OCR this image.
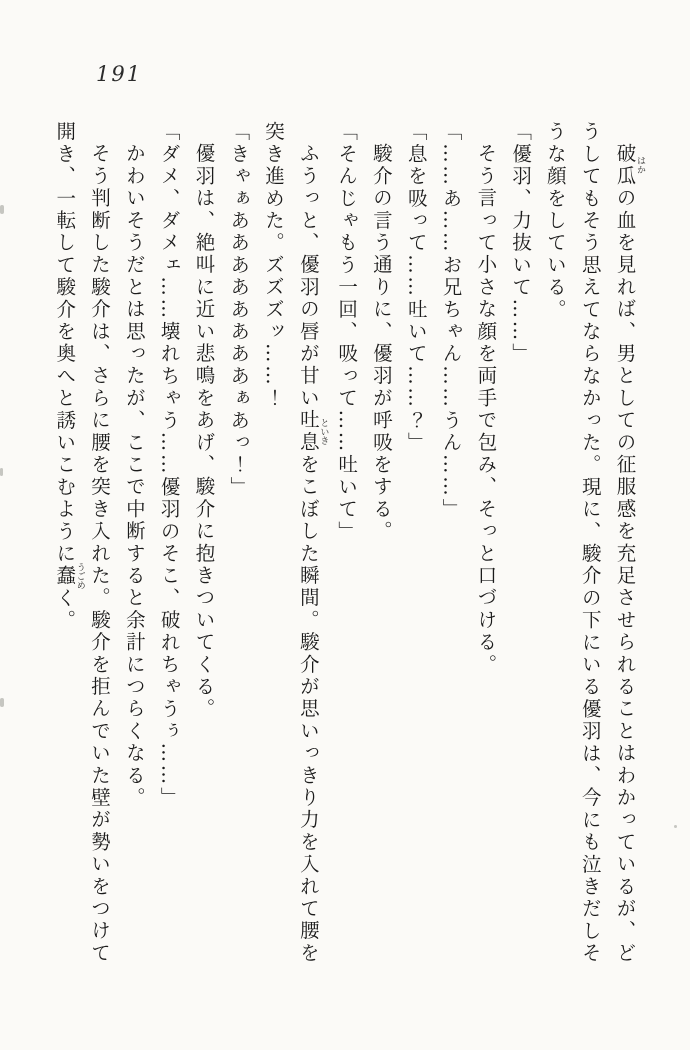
191

破瓜はかの血を見れば、男としての征服感を充足させられることはわかっているが、どうしてもそう思えてならなかった。現に、駿介の下にいる優羽は、今にも泣きだしそうな顔をしている。

「優羽、力抜いて……」

そう言って小さな顔を両手で包み、そっと口づける。

「……あ……お兄ちゃん……うん……」

「息を吸って……吐いて……？」

駿介の言う通りに、優羽が呼吸をする。

「そんじゃもう一回、吸って……吐いて」

ふうっと、優羽の唇が甘い吐息といきをこぼした瞬間。駿介が思いっきり力を入れて腰を突き進めた。ズズズッ……！

「きゃぁああああああああぁあっ！」

優羽は、絶叫に近い悲鳴をあげ、駿介に抱きついてくる。

「ダメ、ダメェ……壊れちゃう……優羽のそこ、破れちゃうぅ……」

かわいそうだとは思ったが、ここで中断すると余計につらくなる。

そう判断した駿介は、さらに腰を突き入れた。駿介を拒んでいた壁が勢いをつけて開き、一転して駿介を奥へと誘いこむように蠢うごめく。
